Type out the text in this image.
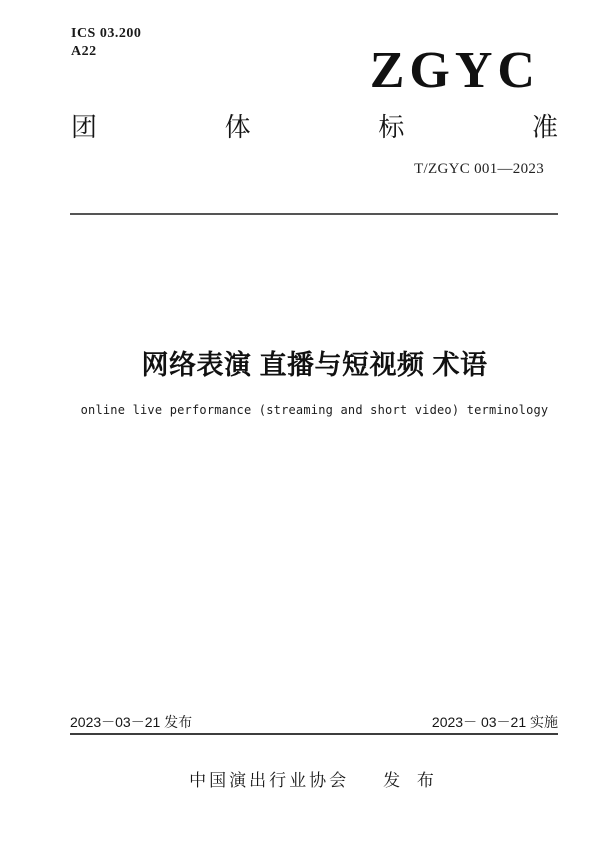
ICS 03.200
A22	ZGYC
团	体	标	准
T/ZGYC 001—2023
网络表演 直播与短视频 术语
online live performance (streaming and short video) terminology
2023－03－21 发布	2023－ 03－21 实施
中国演出行业协会 发 布
